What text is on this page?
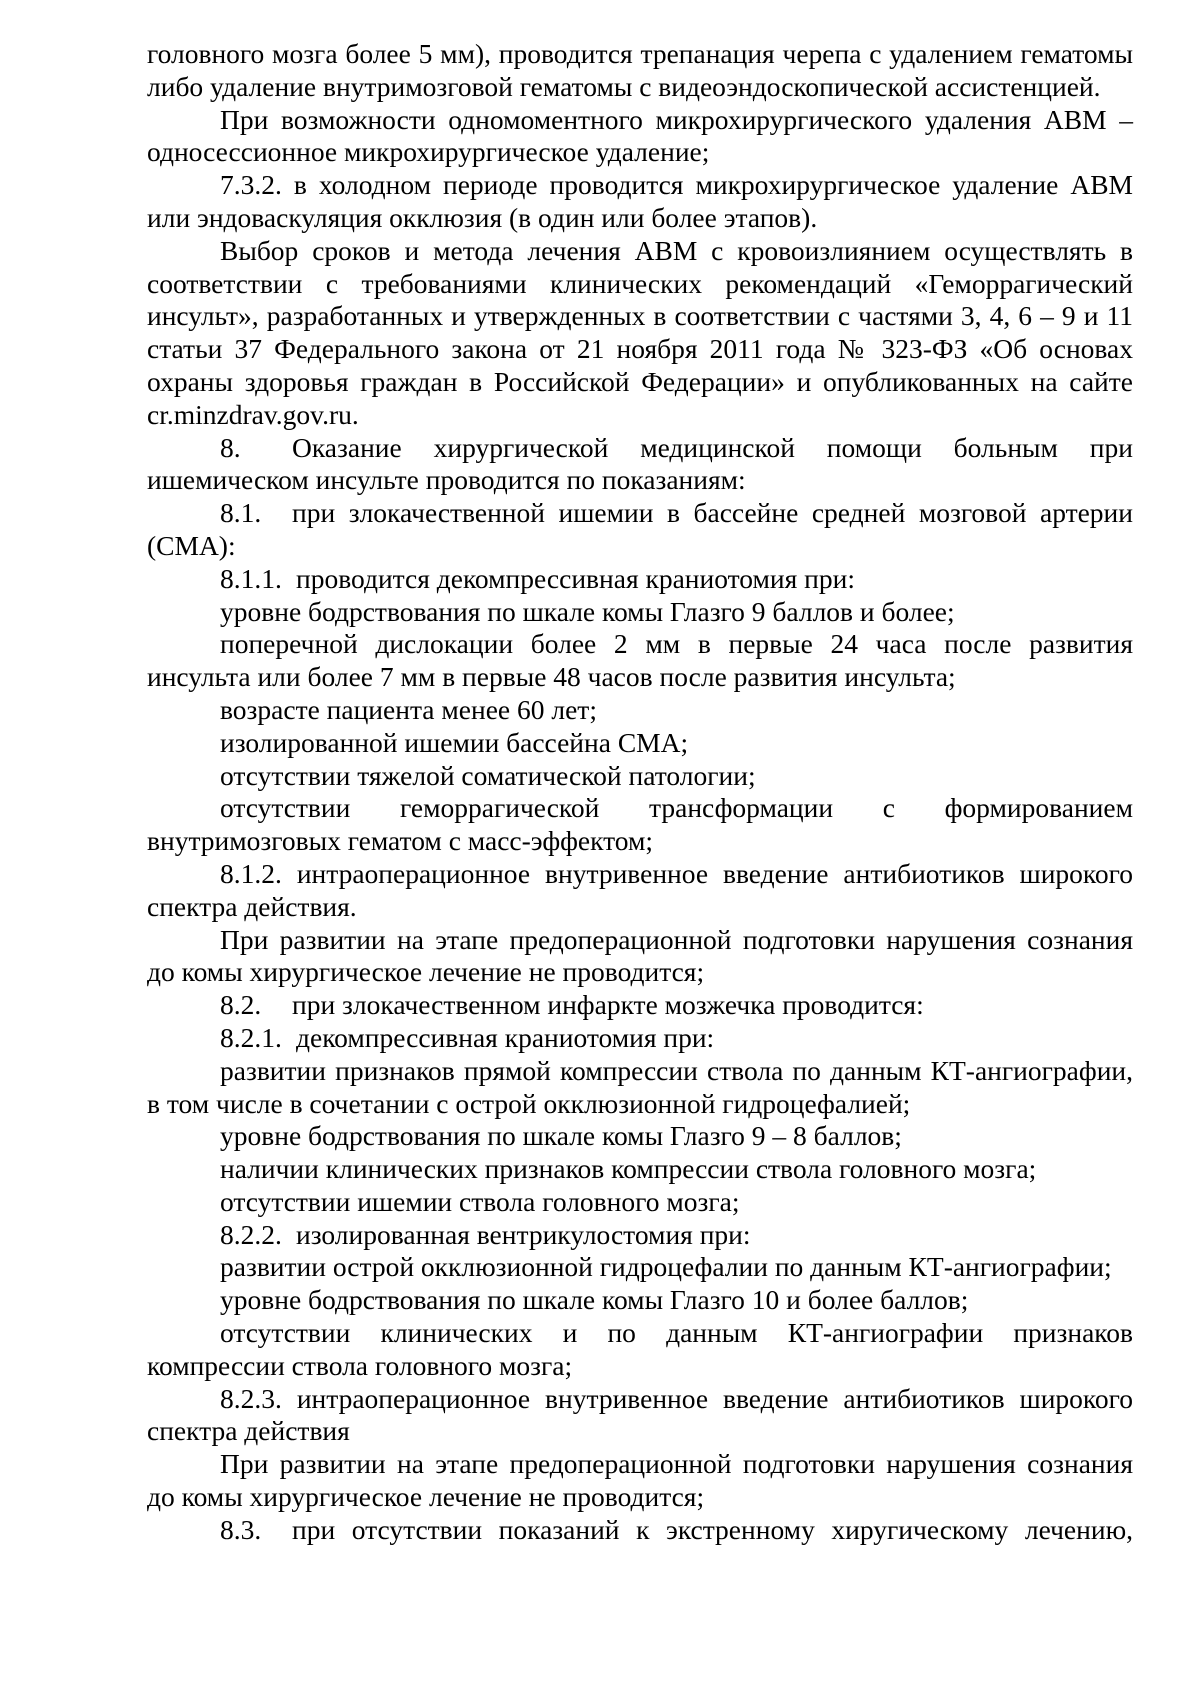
головного мозга более 5 мм), проводится трепанация черепа с удалением гематомы либо удаление внутримозговой гематомы с видеоэндоскопической ассистенцией.

При возможности одномоментного микрохирургического удаления АВМ – односессионное микрохирургическое удаление;

7.3.2. в холодном периоде проводится микрохирургическое удаление АВМ или эндоваскуляция окклюзия (в один или более этапов).

Выбор сроков и метода лечения АВМ с кровоизлиянием осуществлять в соответствии с требованиями клинических рекомендаций «Геморрагический инсульт», разработанных и утвержденных в соответствии с частями 3, 4, 6 – 9 и 11 статьи 37 Федерального закона от 21 ноября 2011 года № 323-ФЗ «Об основах охраны здоровья граждан в Российской Федерации» и опубликованных на сайте cr.minzdrav.gov.ru.

8. Оказание хирургической медицинской помощи больным при ишемическом инсульте проводится по показаниям:

8.1. при злокачественной ишемии в бассейне средней мозговой артерии (СМА):

8.1.1. проводится декомпрессивная краниотомия при:

уровне бодрствования по шкале комы Глазго 9 баллов и более;

поперечной дислокации более 2 мм в первые 24 часа после развития инсульта или более 7 мм в первые 48 часов после развития инсульта;

возрасте пациента менее 60 лет;

изолированной ишемии бассейна СМА;

отсутствии тяжелой соматической патологии;

отсутствии геморрагической трансформации с формированием внутримозговых гематом с масс-эффектом;

8.1.2. интраоперационное внутривенное введение антибиотиков широкого спектра действия.

При развитии на этапе предоперационной подготовки нарушения сознания до комы хирургическое лечение не проводится;

8.2. при злокачественном инфаркте мозжечка проводится:

8.2.1. декомпрессивная краниотомия при:

развитии признаков прямой компрессии ствола по данным КТ-ангиографии, в том числе в сочетании с острой окклюзионной гидроцефалией;

уровне бодрствования по шкале комы Глазго 9 – 8 баллов;

наличии клинических признаков компрессии ствола головного мозга;

отсутствии ишемии ствола головного мозга;

8.2.2. изолированная вентрикулостомия при:

развитии острой окклюзионной гидроцефалии по данным КТ-ангиографии;

уровне бодрствования по шкале комы Глазго 10 и более баллов;

отсутствии клинических и по данным КТ-ангиографии признаков компрессии ствола головного мозга;

8.2.3. интраоперационное внутривенное введение антибиотиков широкого спектра действия

При развитии на этапе предоперационной подготовки нарушения сознания до комы хирургическое лечение не проводится;

8.3. при отсутствии показаний к экстренному хиругическому лечению,
